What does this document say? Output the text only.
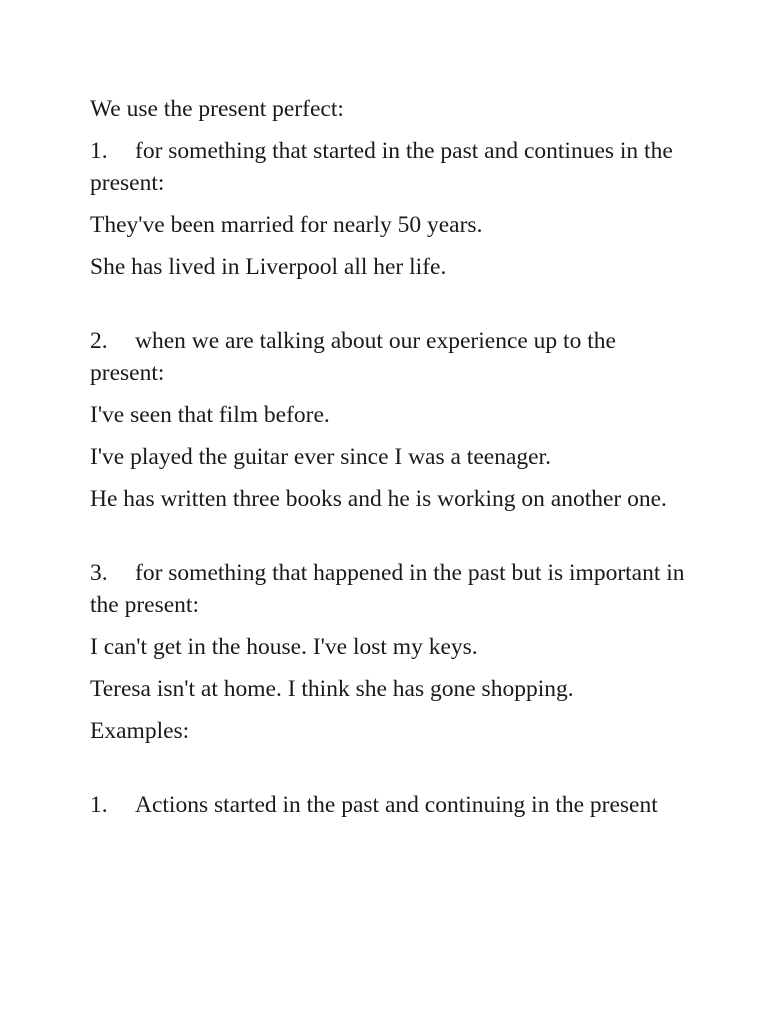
We use the present perfect:

1. for something that started in the past and continues in the present:

They've been married for nearly 50 years.

She has lived in Liverpool all her life.

2. when we are talking about our experience up to the present:

I've seen that film before.

I've played the guitar ever since I was a teenager.

He has written three books and he is working on another one.

3. for something that happened in the past but is important in the present:

I can't get in the house. I've lost my keys.

Teresa isn't at home. I think she has gone shopping.

Examples:

1. Actions started in the past and continuing in the present
